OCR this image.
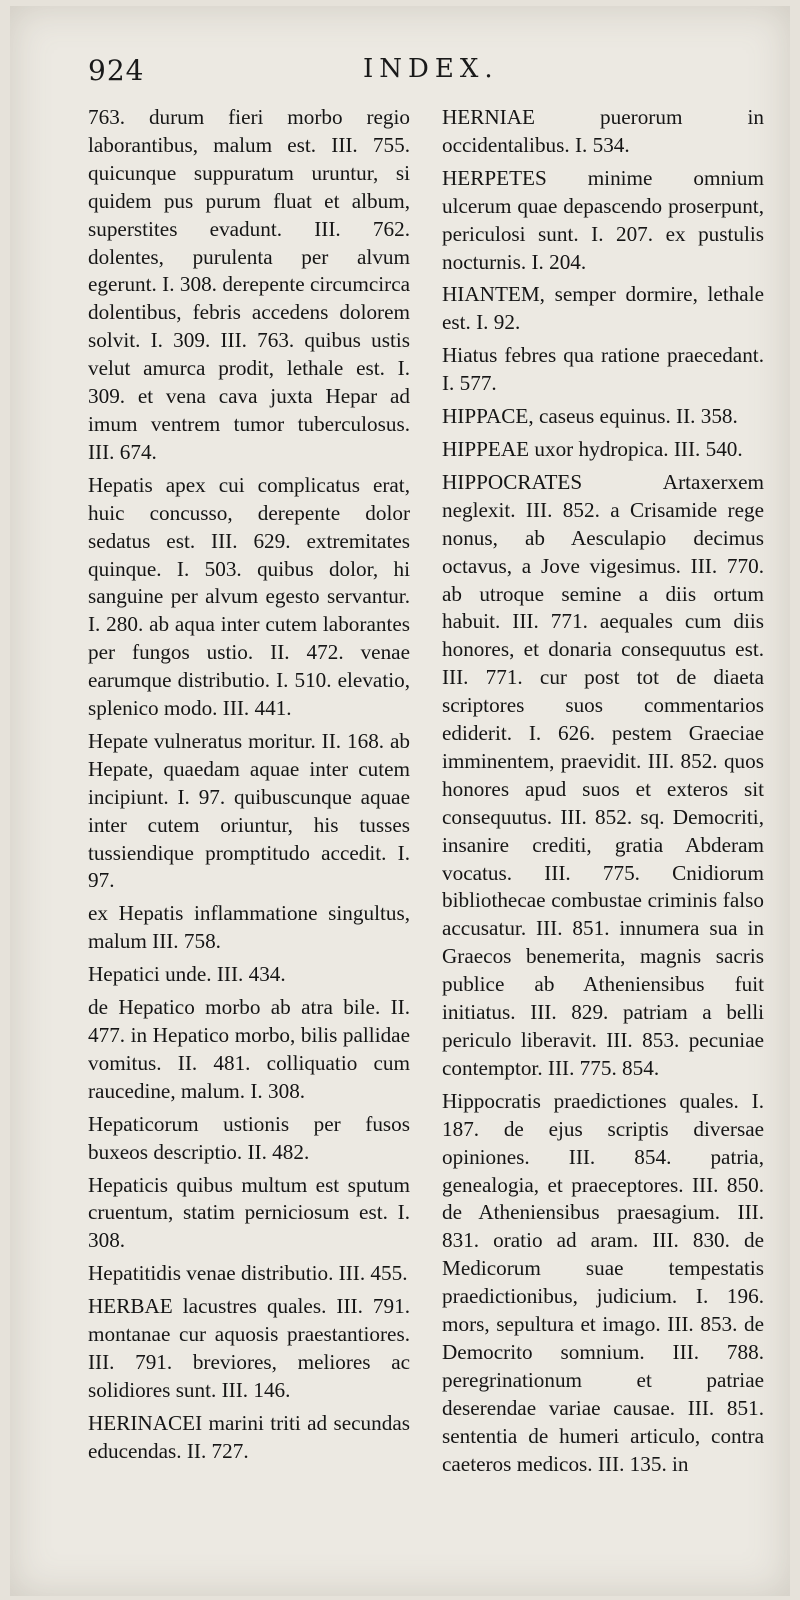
924	INDEX.

763. durum fieri morbo regio laborantibus, malum est. III. 755. quicunque suppuratum uruntur, si quidem pus purum fluat et album, superstites evadunt. III. 762. dolentes, purulenta per alvum egerunt. I. 308. derepente circumcirca dolentibus, febris accedens dolorem solvit. I. 309. III. 763. quibus ustis velut amurca prodit, lethale est. I. 309. et vena cava juxta Hepar ad imum ventrem tumor tuberculosus. III. 674.

Hepatis apex cui complicatus erat, huic concusso, derepente dolor sedatus est. III. 629. extremitates quinque. I. 503. quibus dolor, hi sanguine per alvum egesto servantur. I. 280. ab aqua inter cutem laborantes per fungos ustio. II. 472. venae earumque distributio. I. 510. elevatio, splenico modo. III. 441.

Hepate vulneratus moritur. II. 168. ab Hepate, quaedam aquae inter cutem incipiunt. I. 97. quibuscunque aquae inter cutem oriuntur, his tusses tussiendique promptitudo accedit. I. 97.

ex Hepatis inflammatione singultus, malum III. 758.

Hepatici unde. III. 434.

de Hepatico morbo ab atra bile. II. 477. in Hepatico morbo, bilis pallidae vomitus. II. 481. colliquatio cum raucedine, malum. I. 308.

Hepaticorum ustionis per fusos buxeos descriptio. II. 482.

Hepaticis quibus multum est sputum cruentum, statim perniciosum est. I. 308.

Hepatitidis venae distributio. III. 455.

HERBAE lacustres quales. III. 791. montanae cur aquosis praestantiores. III. 791. breviores, meliores ac solidiores sunt. III. 146.

HERINACEI marini triti ad secundas educendas. II. 727.

HERNIAE puerorum in occidentalibus. I. 534.

HERPETES minime omnium ulcerum quae depascendo proserpunt, periculosi sunt. I. 207. ex pustulis nocturnis. I. 204.

HIANTEM, semper dormire, lethale est. I. 92.

Hiatus febres qua ratione praecedant. I. 577.

HIPPACE, caseus equinus. II. 358.

HIPPEAE uxor hydropica. III. 540.

HIPPOCRATES Artaxerxem neglexit. III. 852. a Crisamide rege nonus, ab Aesculapio decimus octavus, a Jove vigesimus. III. 770. ab utroque semine a diis ortum habuit. III. 771. aequales cum diis honores, et donaria consequutus est. III. 771. cur post tot de diaeta scriptores suos commentarios ediderit. I. 626. pestem Graeciae imminentem, praevidit. III. 852. quos honores apud suos et exteros sit consequutus. III. 852. sq. Democriti, insanire crediti, gratia Abderam vocatus. III. 775. Cnidiorum bibliothecae combustae criminis falso accusatur. III. 851. innumera sua in Graecos benemerita, magnis sacris publice ab Atheniensibus fuit initiatus. III. 829. patriam a belli periculo liberavit. III. 853. pecuniae contemptor. III. 775. 854.

Hippocratis praedictiones quales. I. 187. de ejus scriptis diversae opiniones. III. 854. patria, genealogia, et praeceptores. III. 850. de Atheniensibus praesagium. III. 831. oratio ad aram. III. 830. de Medicorum suae tempestatis praedictionibus, judicium. I. 196. mors, sepultura et imago. III. 853. de Democrito somnium. III. 788. peregrinationum et patriae deserendae variae causae. III. 851. sententia de humeri articulo, contra caeteros medicos. III. 135. in
